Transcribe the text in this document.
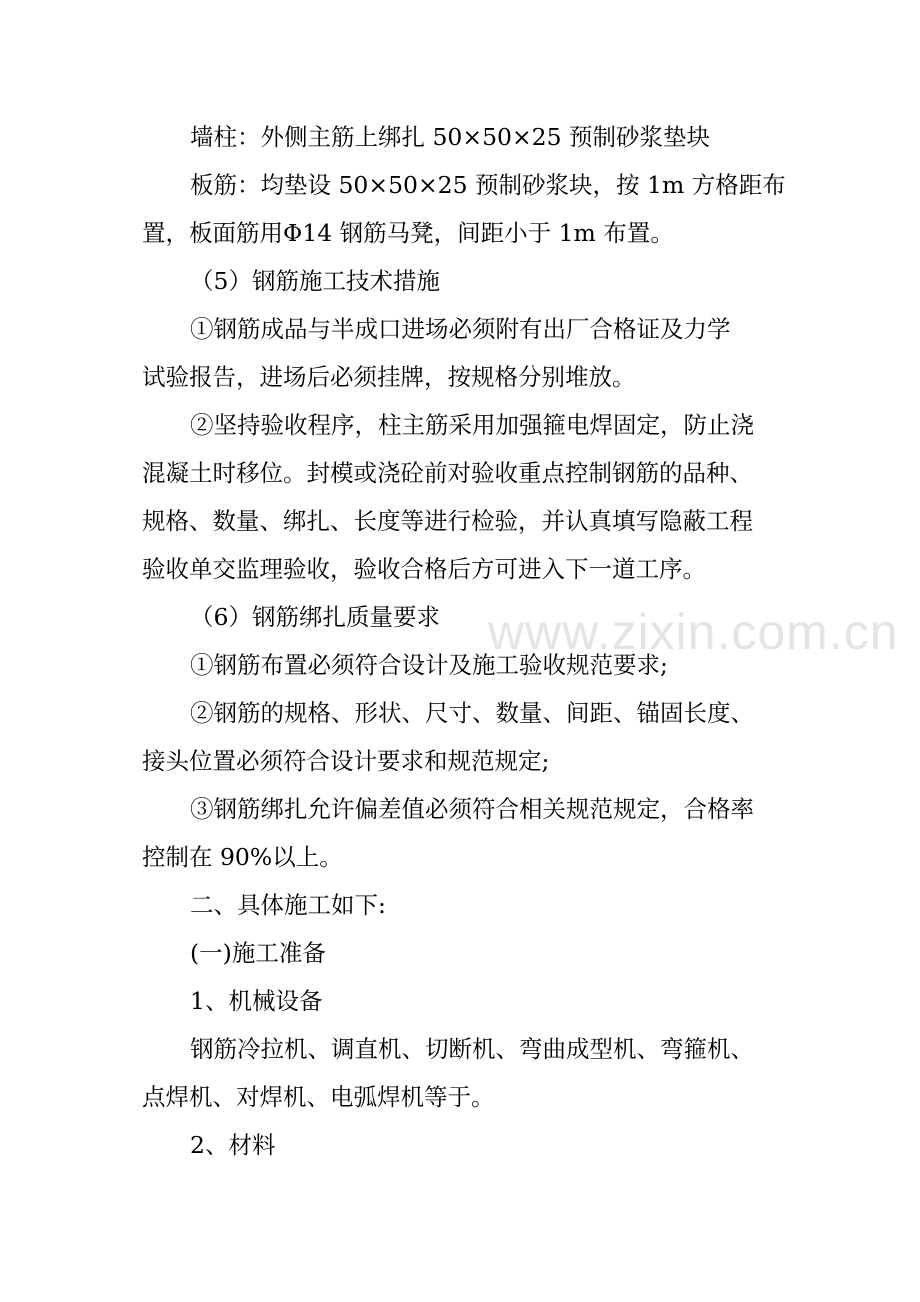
墙柱：外侧主筋上绑扎 50×50×25 预制砂浆垫块
板筋：均垫设 50×50×25 预制砂浆块，按 1m 方格距布
置，板面筋用Φ14 钢筋马凳，间距小于 1m 布置。
（5）钢筋施工技术措施
①钢筋成品与半成口进场必须附有出厂合格证及力学
试验报告，进场后必须挂牌，按规格分别堆放。
②坚持验收程序，柱主筋采用加强箍电焊固定，防止浇
混凝土时移位。封模或浇砼前对验收重点控制钢筋的品种、
规格、数量、绑扎、长度等进行检验，并认真填写隐蔽工程
验收单交监理验收，验收合格后方可进入下一道工序。
（6）钢筋绑扎质量要求
①钢筋布置必须符合设计及施工验收规范要求;
②钢筋的规格、形状、尺寸、数量、间距、锚固长度、
接头位置必须符合设计要求和规范规定;
③钢筋绑扎允许偏差值必须符合相关规范规定，合格率
控制在 90%以上。
二、具体施工如下:
(一)施工准备
1、机械设备
钢筋冷拉机、调直机、切断机、弯曲成型机、弯箍机、
点焊机、对焊机、电弧焊机等于。
2、材料
www.zixin.com.cn
